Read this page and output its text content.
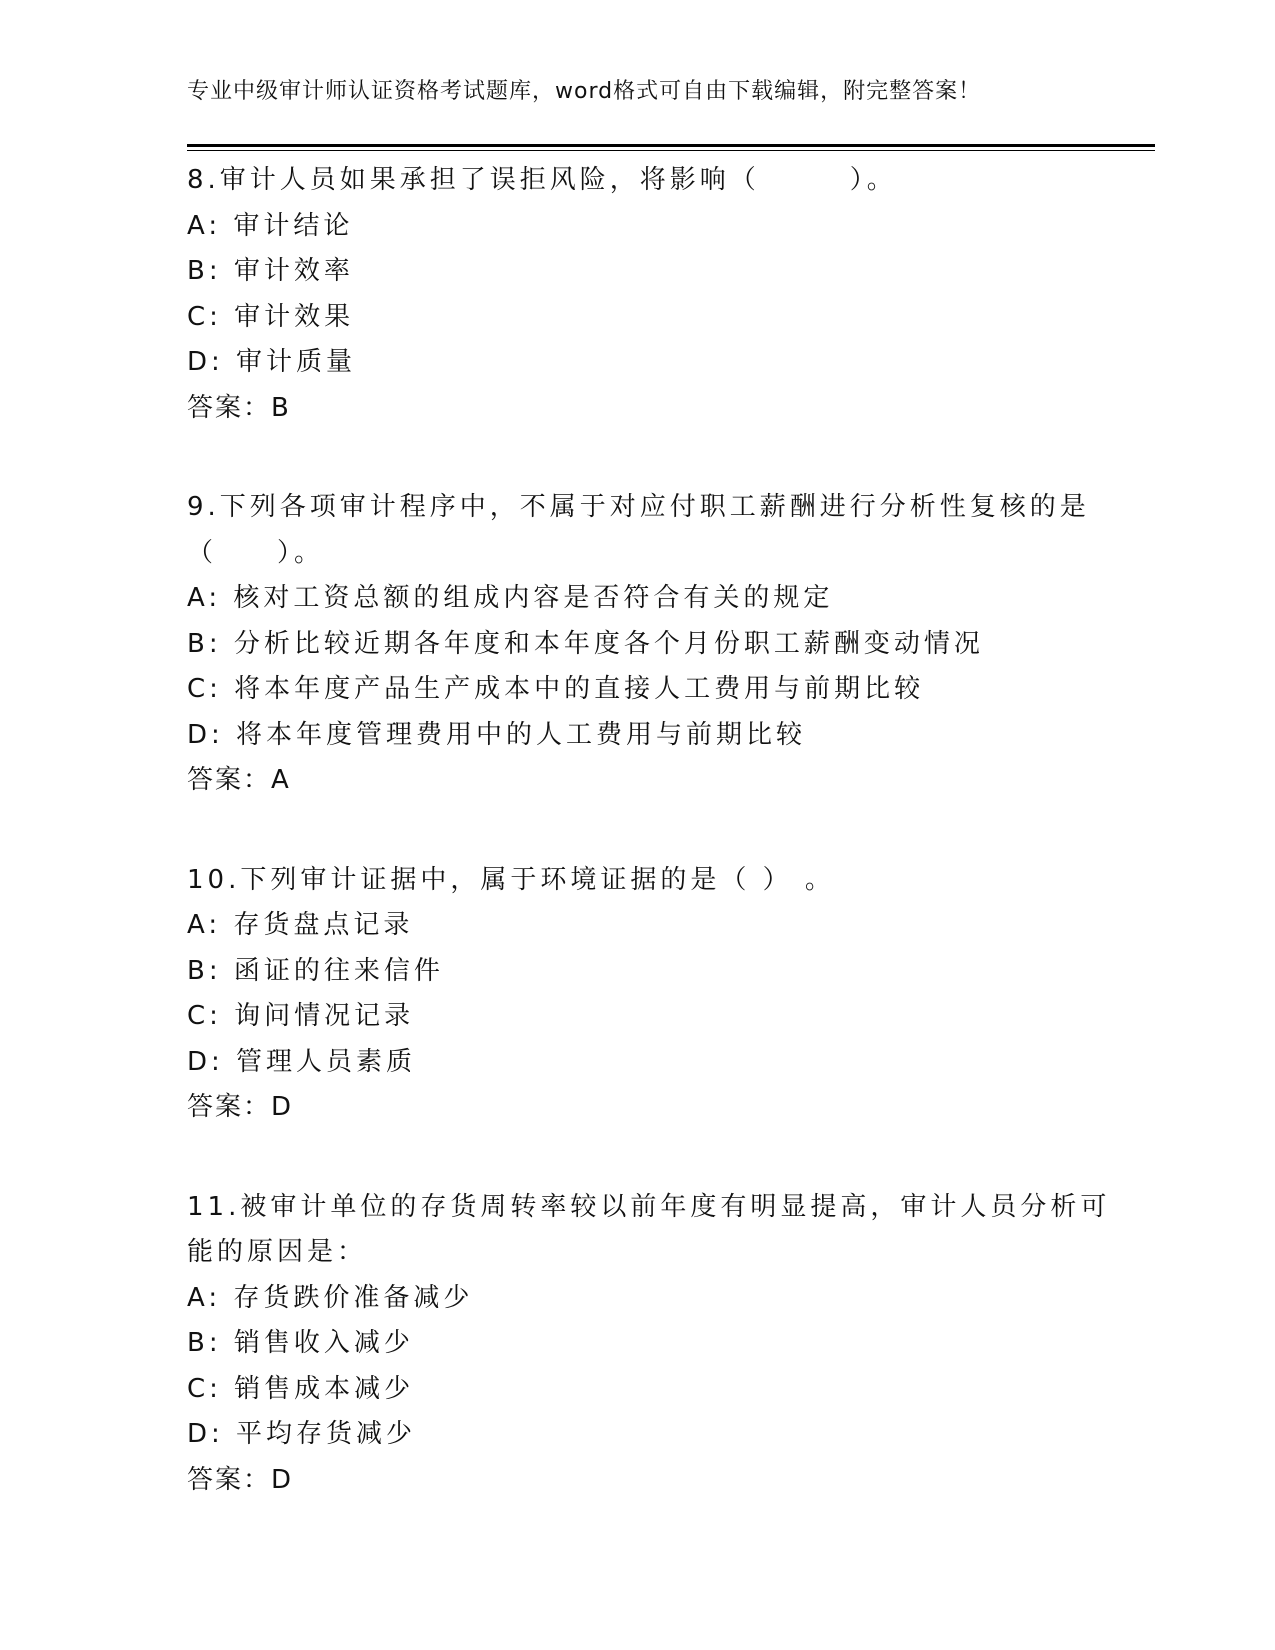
专业中级审计师认证资格考试题库，word格式可自由下载编辑，附完整答案！
8.审计人员如果承担了误拒风险，将影响（　　　）。
A: 审计结论
B: 审计效率
C: 审计效果
D: 审计质量
答案：B
9.下列各项审计程序中，不属于对应付职工薪酬进行分析性复核的是
（　　）。
A: 核对工资总额的组成内容是否符合有关的规定
B: 分析比较近期各年度和本年度各个月份职工薪酬变动情况
C: 将本年度产品生产成本中的直接人工费用与前期比较
D: 将本年度管理费用中的人工费用与前期比较
答案：A
10.下列审计证据中，属于环境证据的是（ ） 。
A: 存货盘点记录
B: 函证的往来信件
C: 询问情况记录
D: 管理人员素质
答案：D
11.被审计单位的存货周转率较以前年度有明显提高，审计人员分析可
能的原因是：
A: 存货跌价准备减少
B: 销售收入减少
C: 销售成本减少
D: 平均存货减少
答案：D
